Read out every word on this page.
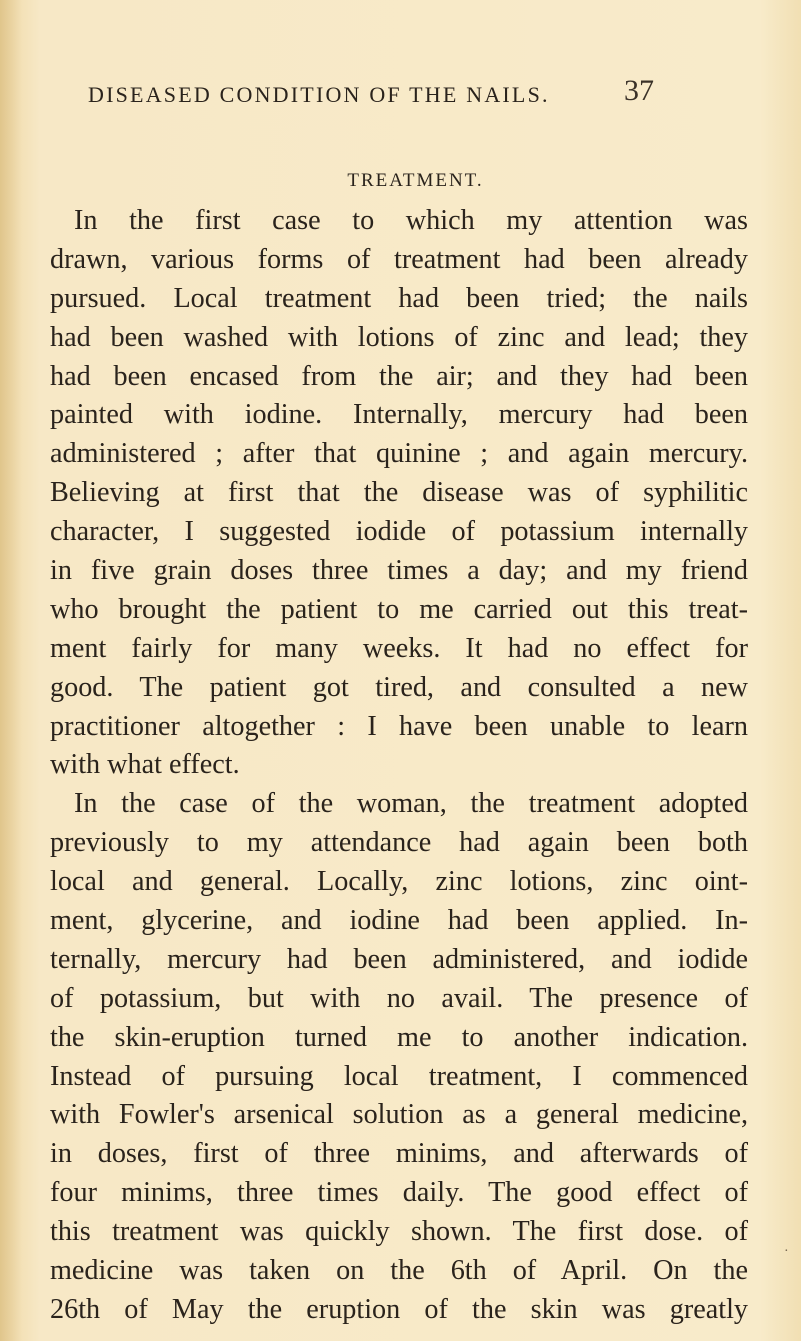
DISEASED CONDITION OF THE NAILS.	37
TREATMENT.
In the first case to which my attention was
drawn, various forms of treatment had been already
pursued. Local treatment had been tried; the nails
had been washed with lotions of zinc and lead; they
had been encased from the air; and they had been
painted with iodine. Internally, mercury had been
administered ; after that quinine ; and again mercury.
Believing at first that the disease was of syphilitic
character, I suggested iodide of potassium internally
in five grain doses three times a day; and my friend
who brought the patient to me carried out this treat-
ment fairly for many weeks. It had no effect for
good. The patient got tired, and consulted a new
practitioner altogether : I have been unable to learn
with what effect.
In the case of the woman, the treatment adopted
previously to my attendance had again been both
local and general. Locally, zinc lotions, zinc oint-
ment, glycerine, and iodine had been applied. In-
ternally, mercury had been administered, and iodide
of potassium, but with no avail. The presence of
the skin-eruption turned me to another indication.
Instead of pursuing local treatment, I commenced
with Fowler's arsenical solution as a general medicine,
in doses, first of three minims, and afterwards of
four minims, three times daily. The good effect of
this treatment was quickly shown. The first dose. of
medicine was taken on the 6th of April. On the
26th of May the eruption of the skin was greatly
·
